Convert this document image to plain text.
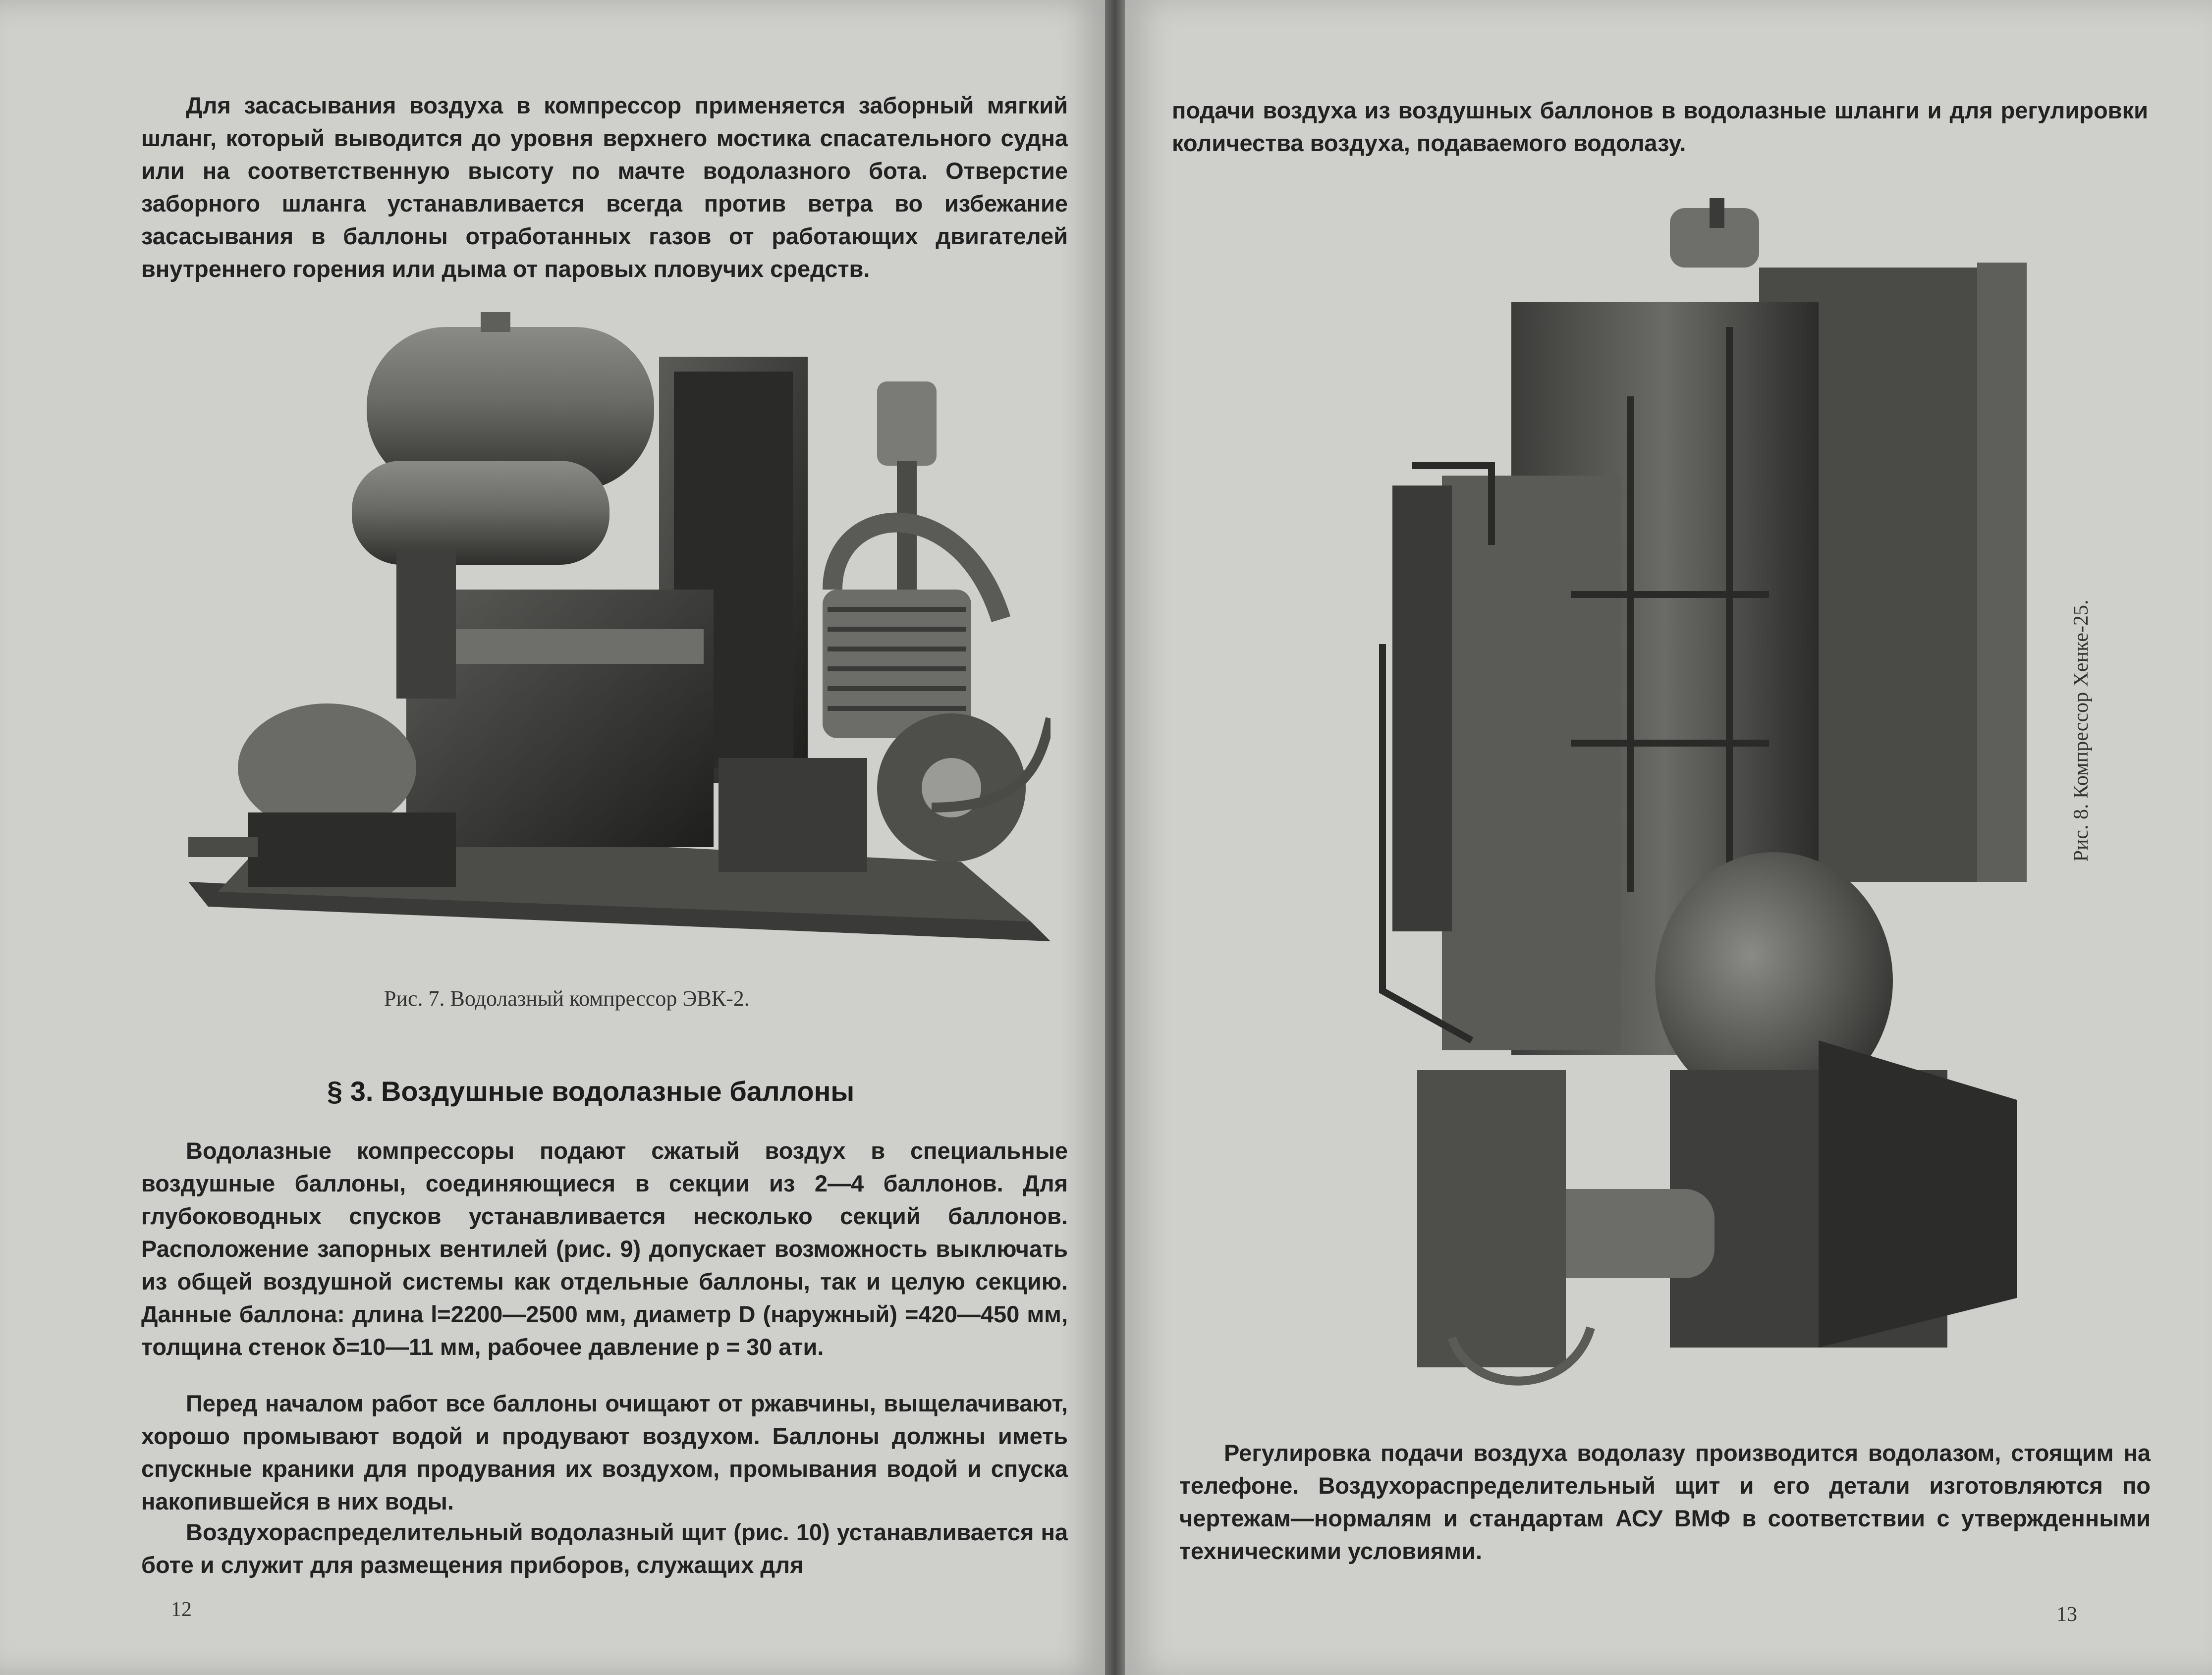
Для засасывания воздуха в компрессор применяется заборный мягкий шланг, который выводится до уровня верхнего мостика спасательного судна или на соответственную высоту по мачте водолазного бота. Отверстие заборного шланга устанавливается всегда против ветра во избежание засасывания в баллоны отработанных газов от работающих двигателей внутреннего горения или дыма от паровых пловучих средств.

Рис. 7. Водолазный компрессор ЭВК-2.

§ 3. Воздушные водолазные баллоны

Водолазные компрессоры подают сжатый воздух в специальные воздушные баллоны, соединяющиеся в секции из 2—4 баллонов. Для глубоководных спусков устанавливается несколько секций баллонов. Расположение запорных вентилей (рис. 9) допускает возможность выключать из общей воздушной системы как отдельные баллоны, так и целую секцию. Данные баллона: длина l=2200—2500 мм, диаметр D (наружный) =420—450 мм, толщина стенок δ=10—11 мм, рабочее давление p = 30 ати.

Перед началом работ все баллоны очищают от ржавчины, выщелачивают, хорошо промывают водой и продувают воздухом. Баллоны должны иметь спускные краники для продувания их воздухом, промывания водой и спуска накопившейся в них воды.

Воздухораспределительный водолазный щит (рис. 10) устанавливается на боте и служит для размещения приборов, служащих для

12

подачи воздуха из воздушных баллонов в водолазные шланги и для регулировки количества воздуха, подаваемого водолазу.

Рис. 8. Компрессор Хенке-25.

Регулировка подачи воздуха водолазу производится водолазом, стоящим на телефоне. Воздухораспределительный щит и его детали изготовляются по чертежам—нормалям и стандартам АСУ ВМФ в соответствии с утвержденными техническими условиями.

13
